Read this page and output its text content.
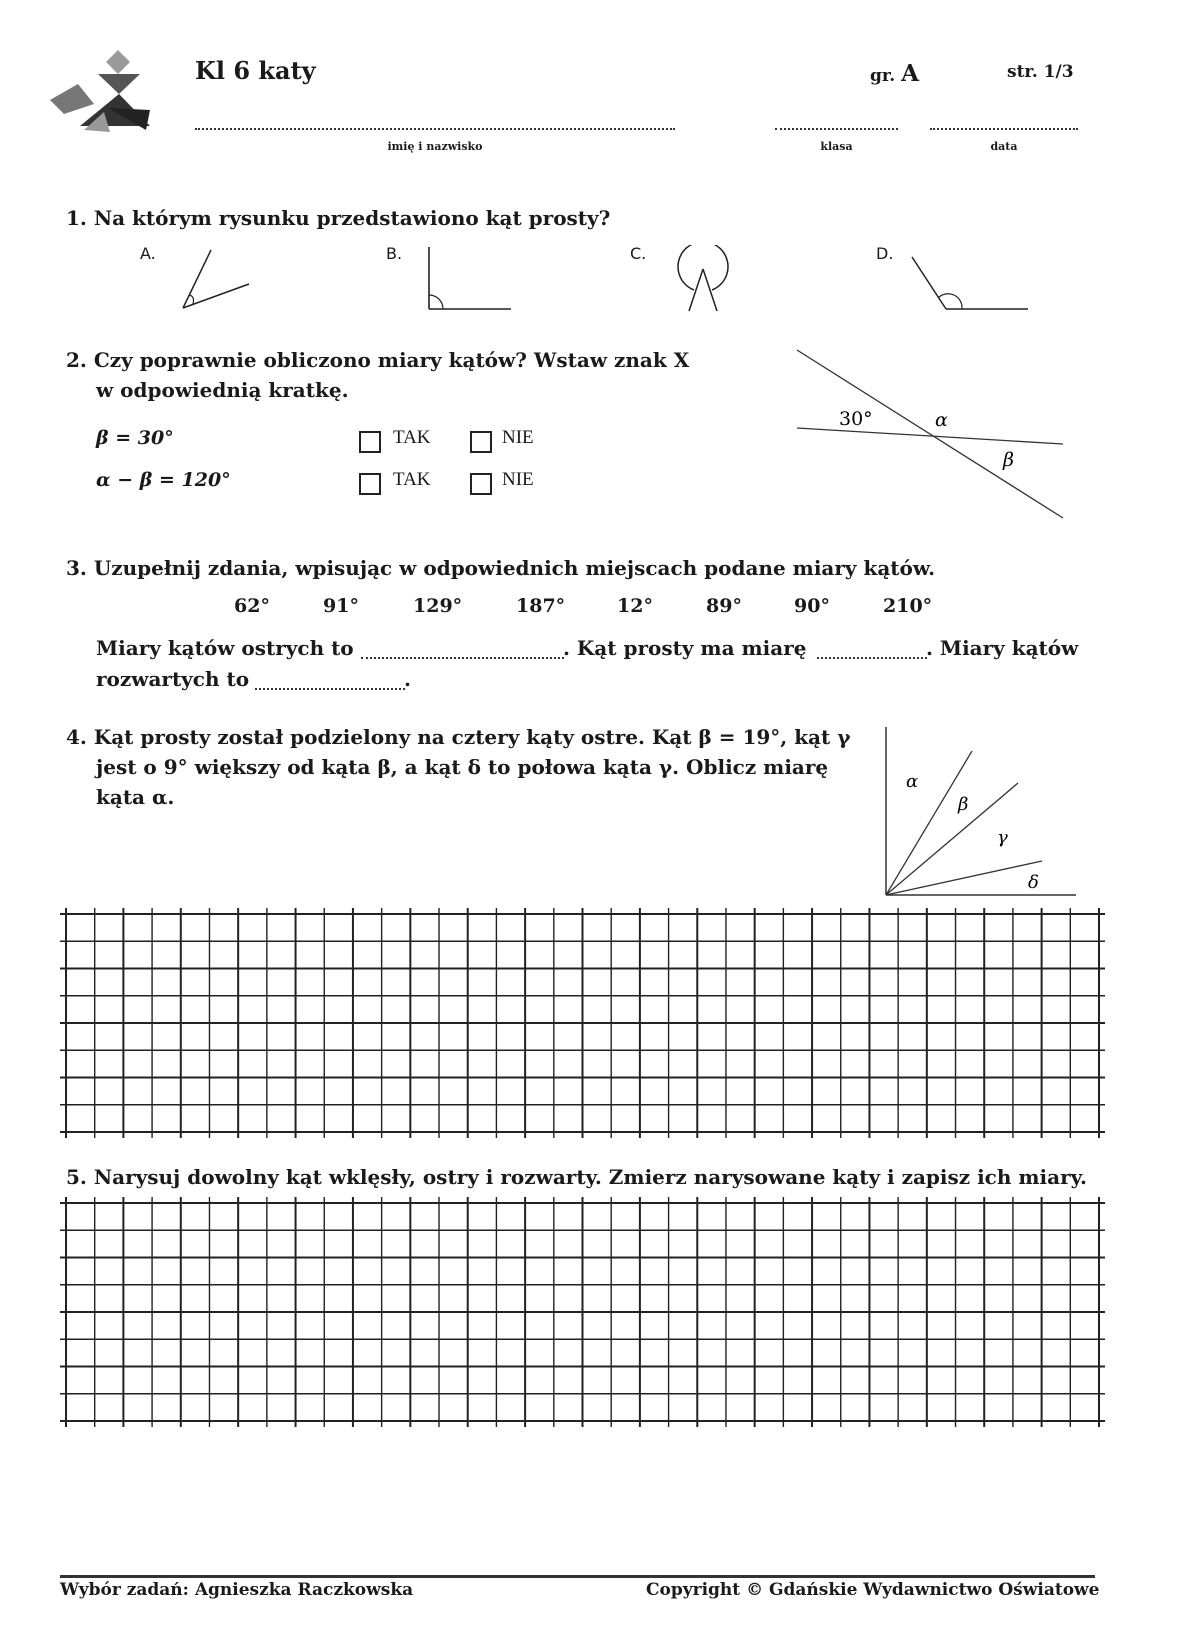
Kl 6 katy	gr. A	str. 1/3
imię i nazwisko	klasa	data
1. Na którym rysunku przedstawiono kąt prosty?
A.	B.	C.	D.
2. Czy poprawnie obliczono miary kątów? Wstaw znak X
w odpowiednią kratkę.
β = 30°	TAK	NIE
α − β = 120°	TAK	NIE
30°	α
β
3. Uzupełnij zdania, wpisując w odpowiednich miejscach podane miary kątów.
62°	91°	129°	187°	12°	89°	90°	210°
Miary kątów ostrych to	. Kąt prosty ma miarę	. Miary kątów
rozwartych to	.
4. Kąt prosty został podzielony na cztery kąty ostre. Kąt β = 19°, kąt γ
jest o 9° większy od kąta β, a kąt δ to połowa kąta γ. Oblicz miarę
kąta α.
α
β
γ
δ
5. Narysuj dowolny kąt wklęsły, ostry i rozwarty. Zmierz narysowane kąty i zapisz ich miary.
Wybór zadań: Agnieszka Raczkowska	Copyright © Gdańskie Wydawnictwo Oświatowe
